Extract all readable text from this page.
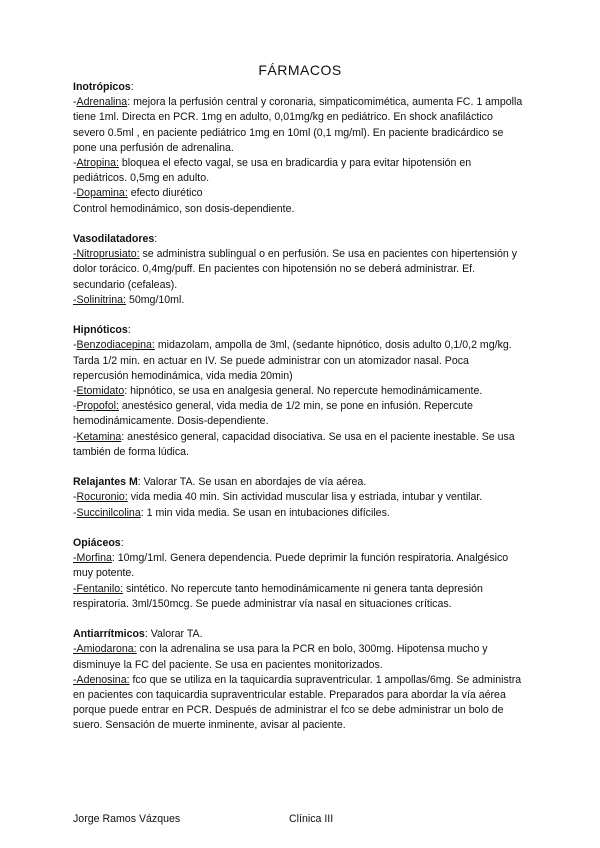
FÁRMACOS

Inotrópicos:

-Adrenalina: mejora la perfusión central y coronaria, simpaticomimética, aumenta FC. 1 ampolla tiene 1ml. Directa en PCR. 1mg en adulto, 0,01mg/kg en pediátrico. En shock anafiláctico severo 0.5ml , en paciente pediátrico 1mg en 10ml (0,1 mg/ml). En paciente bradicárdico se pone una perfusión de adrenalina.

-Atropina: bloquea el efecto vagal, se usa en bradicardia y para evitar hipotensión en pediátricos. 0,5mg en adulto.

-Dopamina: efecto diurético

Control hemodinámico, son dosis-dependiente.

Vasodilatadores:

-Nitroprusiato: se administra sublingual o en perfusión. Se usa en pacientes con hipertensión y dolor torácico. 0,4mg/puff. En pacientes con hipotensión no se deberá administrar. Ef. secundario (cefaleas).

-Solinitrina: 50mg/10ml.

Hipnóticos:

-Benzodiacepina: midazolam, ampolla de 3ml, (sedante hipnótico, dosis adulto 0,1/0,2 mg/kg. Tarda 1/2 min. en actuar en IV. Se puede administrar con un atomizador nasal. Poca repercusión hemodinámica, vida media 20min)

-Etomidato: hipnótico, se usa en analgesia general. No repercute hemodinámicamente.

-Propofol: anestésico general, vida media de 1/2 min, se pone en infusión. Repercute hemodinámicamente. Dosis-dependiente.

-Ketamina: anestésico general, capacidad disociativa. Se usa en el paciente inestable. Se usa también de forma lúdica.

Relajantes M: Valorar TA. Se usan en abordajes de vía aérea.

-Rocuronio: vida media 40 min. Sin actividad muscular lisa y estriada, intubar y ventilar.

-Succinilcolina: 1 min vida media. Se usan en intubaciones difíciles.

Opiáceos:

-Morfina: 10mg/1ml. Genera dependencia. Puede deprimir la función respiratoria. Analgésico muy potente.

-Fentanilo: sintético. No repercute tanto hemodinámicamente ni genera tanta depresión respiratoria. 3ml/150mcg. Se puede administrar vía nasal en situaciones críticas.

Antiarrítmicos: Valorar TA.

-Amiodarona: con la adrenalina se usa para la PCR en bolo, 300mg. Hipotensa mucho y disminuye la FC del paciente. Se usa en pacientes monitorizados.

-Adenosina: fco que se utiliza en la taquicardia supraventricular. 1 ampollas/6mg. Se administra en pacientes con taquicardia supraventricular estable. Preparados para abordar la vía aérea porque puede entrar en PCR. Después de administrar el fco se debe administrar un bolo de suero. Sensación de muerte inminente, avisar al paciente.

Jorge Ramos Vázques	Clínica III
